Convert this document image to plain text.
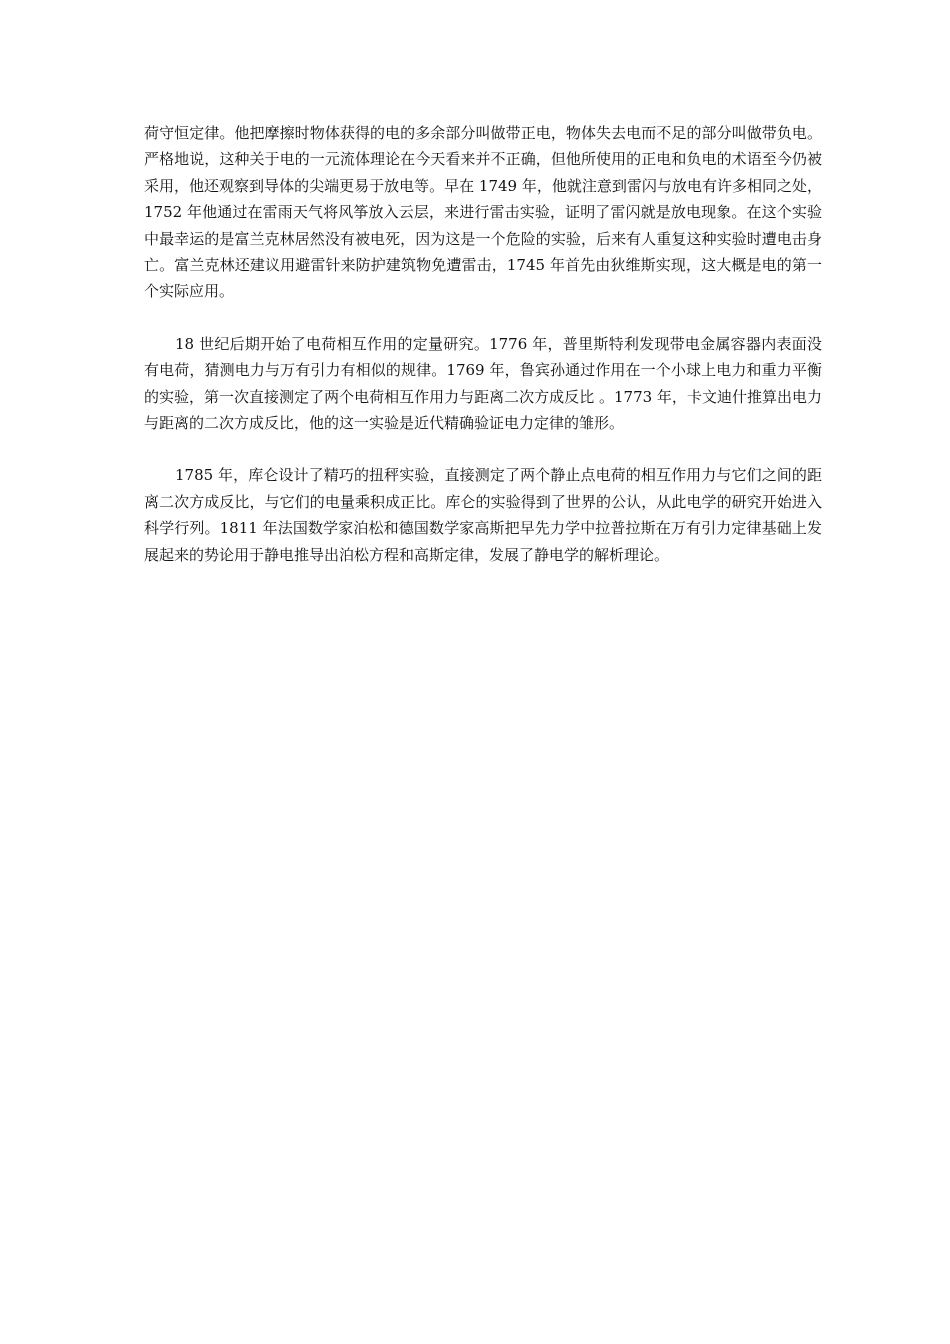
荷守恒定律。他把摩擦时物体获得的电的多余部分叫做带正电，物体失去电而不足的部分叫做带负电。严格地说，这种关于电的一元流体理论在今天看来并不正确，但他所使用的正电和负电的术语至今仍被采用，他还观察到导体的尖端更易于放电等。早在 1749 年，他就注意到雷闪与放电有许多相同之处，1752 年他通过在雷雨天气将风筝放入云层，来进行雷击实验，证明了雷闪就是放电现象。在这个实验中最幸运的是富兰克林居然没有被电死，因为这是一个危险的实验，后来有人重复这种实验时遭电击身亡。富兰克林还建议用避雷针来防护建筑物免遭雷击，1745 年首先由狄维斯实现，这大概是电的第一个实际应用。

18 世纪后期开始了电荷相互作用的定量研究。1776 年，普里斯特利发现带电金属容器内表面没有电荷，猜测电力与万有引力有相似的规律。1769 年，鲁宾孙通过作用在一个小球上电力和重力平衡的实验，第一次直接测定了两个电荷相互作用力与距离二次方成反比 。1773 年，卡文迪什推算出电力与距离的二次方成反比，他的这一实验是近代精确验证电力定律的雏形。

1785 年，库仑设计了精巧的扭秤实验，直接测定了两个静止点电荷的相互作用力与它们之间的距离二次方成反比，与它们的电量乘积成正比。库仑的实验得到了世界的公认，从此电学的研究开始进入科学行列。1811 年法国数学家泊松和德国数学家高斯把早先力学中拉普拉斯在万有引力定律基础上发展起来的势论用于静电推导出泊松方程和高斯定律，发展了静电学的解析理论。
